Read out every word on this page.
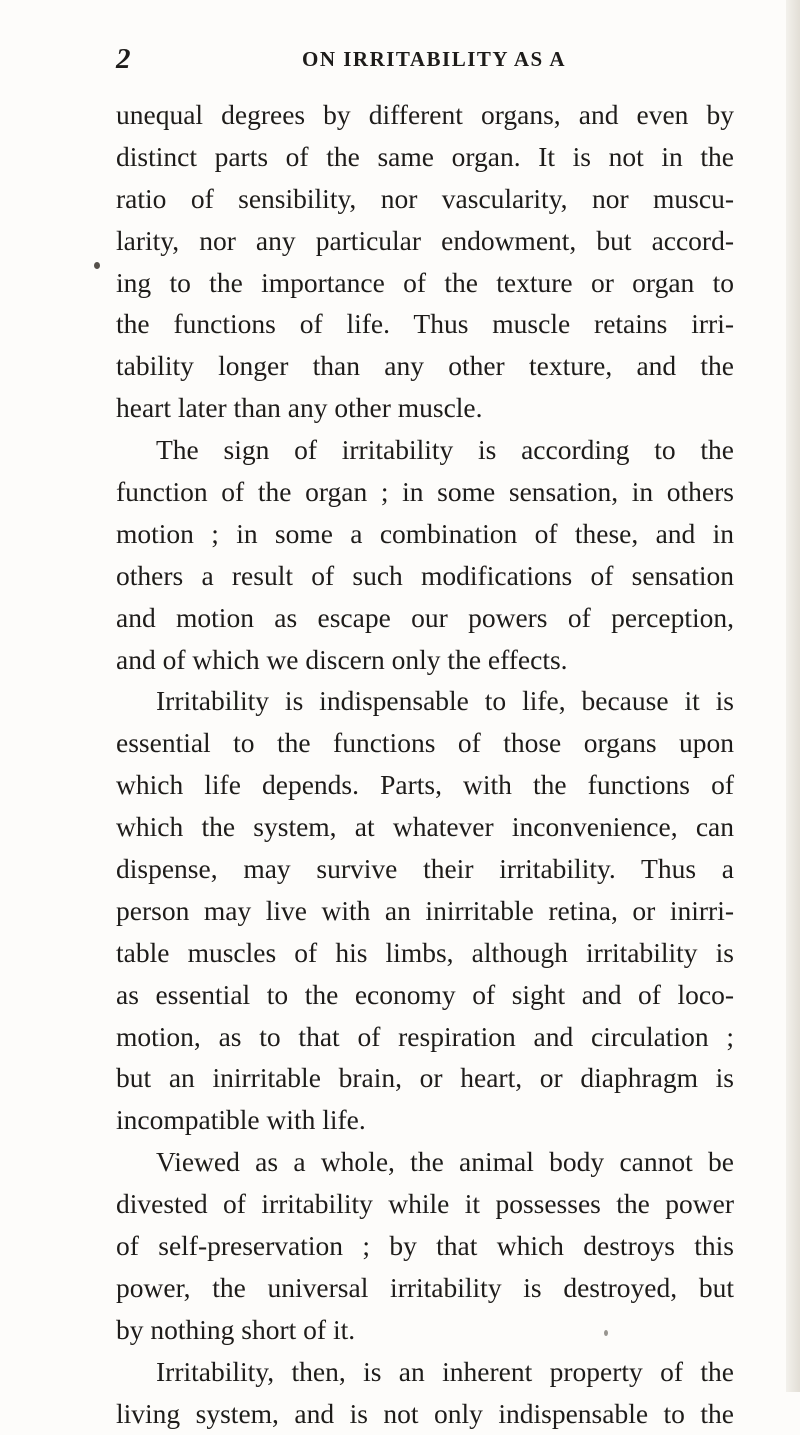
2	ON IRRITABILITY AS A
unequal degrees by different organs, and even by
distinct parts of the same organ. It is not in the
ratio of sensibility, nor vascularity, nor muscu-
larity, nor any particular endowment, but accord-
ing to the importance of the texture or organ to
the functions of life. Thus muscle retains irri-
tability longer than any other texture, and the
heart later than any other muscle.
The sign of irritability is according to the
function of the organ ; in some sensation, in others
motion ; in some a combination of these, and in
others a result of such modifications of sensation
and motion as escape our powers of perception,
and of which we discern only the effects.
Irritability is indispensable to life, because it is
essential to the functions of those organs upon
which life depends. Parts, with the functions of
which the system, at whatever inconvenience, can
dispense, may survive their irritability. Thus a
person may live with an inirritable retina, or inirri-
table muscles of his limbs, although irritability is
as essential to the economy of sight and of loco-
motion, as to that of respiration and circulation ;
but an inirritable brain, or heart, or diaphragm is
incompatible with life.
Viewed as a whole, the animal body cannot be
divested of irritability while it possesses the power
of self-preservation ; by that which destroys this
power, the universal irritability is destroyed, but
by nothing short of it.
Irritability, then, is an inherent property of the
living system, and is not only indispensable to the
